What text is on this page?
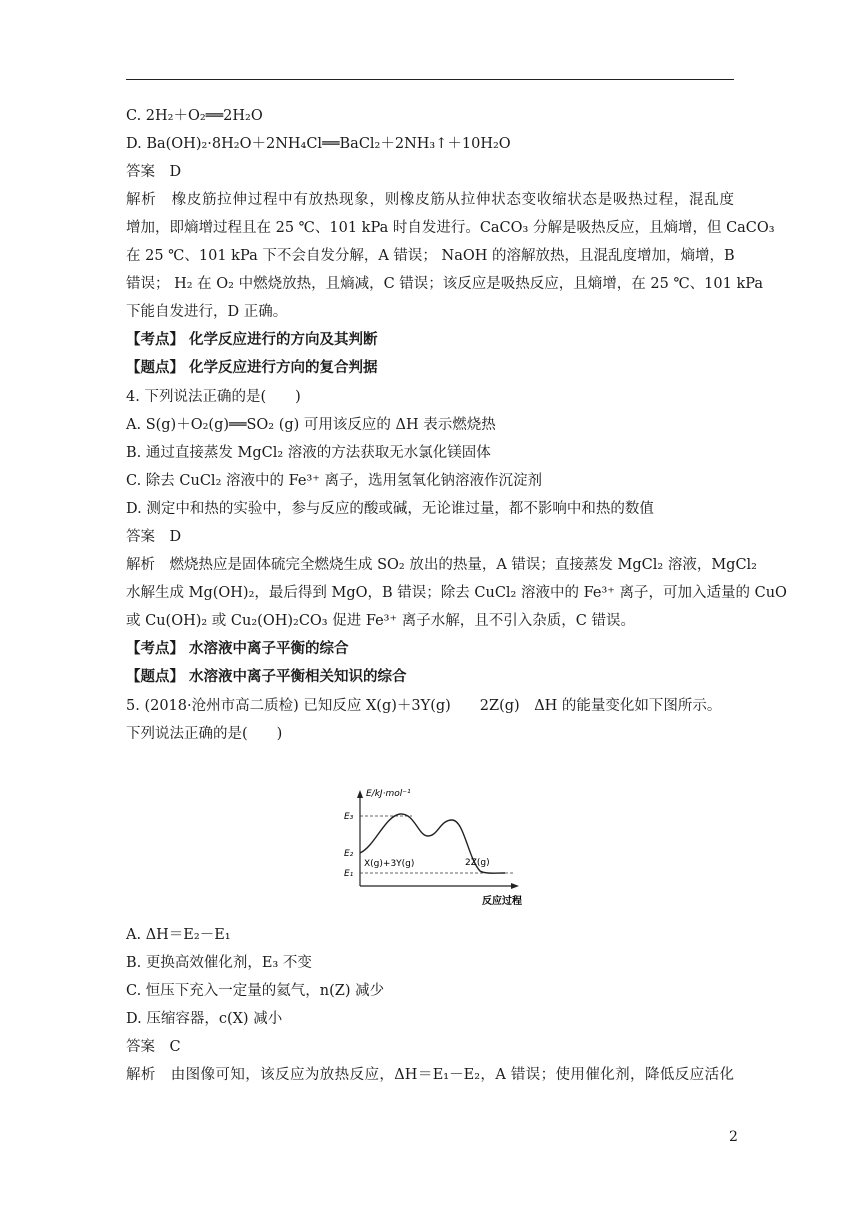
C. 2H₂＋O₂══2H₂O
D. Ba(OH)₂·8H₂O＋2NH₄Cl══BaCl₂＋2NH₃↑＋10H₂O
答案　D
解析　橡皮筋拉伸过程中有放热现象，则橡皮筋从拉伸状态变收缩状态是吸热过程，混乱度
增加，即熵增过程且在 25 ℃、101 kPa 时自发进行。CaCO₃ 分解是吸热反应，且熵增，但 CaCO₃
在 25 ℃、101 kPa 下不会自发分解，A 错误； NaOH 的溶解放热，且混乱度增加，熵增，B
错误； H₂ 在 O₂ 中燃烧放热，且熵减，C 错误；该反应是吸热反应，且熵增，在 25 ℃、101 kPa
下能自发进行，D 正确。
【考点】 化学反应进行的方向及其判断
【题点】 化学反应进行方向的复合判据
4. 下列说法正确的是(　　)
A. S(g)＋O₂(g)══SO₂ (g) 可用该反应的 ΔH 表示燃烧热
B. 通过直接蒸发 MgCl₂ 溶液的方法获取无水氯化镁固体
C. 除去 CuCl₂ 溶液中的 Fe³⁺ 离子，选用氢氧化钠溶液作沉淀剂
D. 测定中和热的实验中，参与反应的酸或碱，无论谁过量，都不影响中和热的数值
答案　D
解析　燃烧热应是固体硫完全燃烧生成 SO₂ 放出的热量，A 错误；直接蒸发 MgCl₂ 溶液，MgCl₂
水解生成 Mg(OH)₂，最后得到 MgO，B 错误；除去 CuCl₂ 溶液中的 Fe³⁺ 离子，可加入适量的 CuO
或 Cu(OH)₂ 或 Cu₂(OH)₂CO₃ 促进 Fe³⁺ 离子水解，且不引入杂质，C 错误。
【考点】 水溶液中离子平衡的综合
【题点】 水溶液中离子平衡相关知识的综合
5. (2018·沧州市高二质检) 已知反应 X(g)＋3Y(g)　　2Z(g)　ΔH 的能量变化如下图所示。
下列说法正确的是(　　)
E/kJ·mol⁻¹
E₃
E₂
E₁
X(g)+3Y(g)	2Z(g)
反应过程
A. ΔH＝E₂－E₁
B. 更换高效催化剂，E₃ 不变
C. 恒压下充入一定量的氦气，n(Z) 减少
D. 压缩容器，c(X) 减小
答案　C
解析　由图像可知，该反应为放热反应，ΔH＝E₁－E₂，A 错误；使用催化剂，降低反应活化
2
